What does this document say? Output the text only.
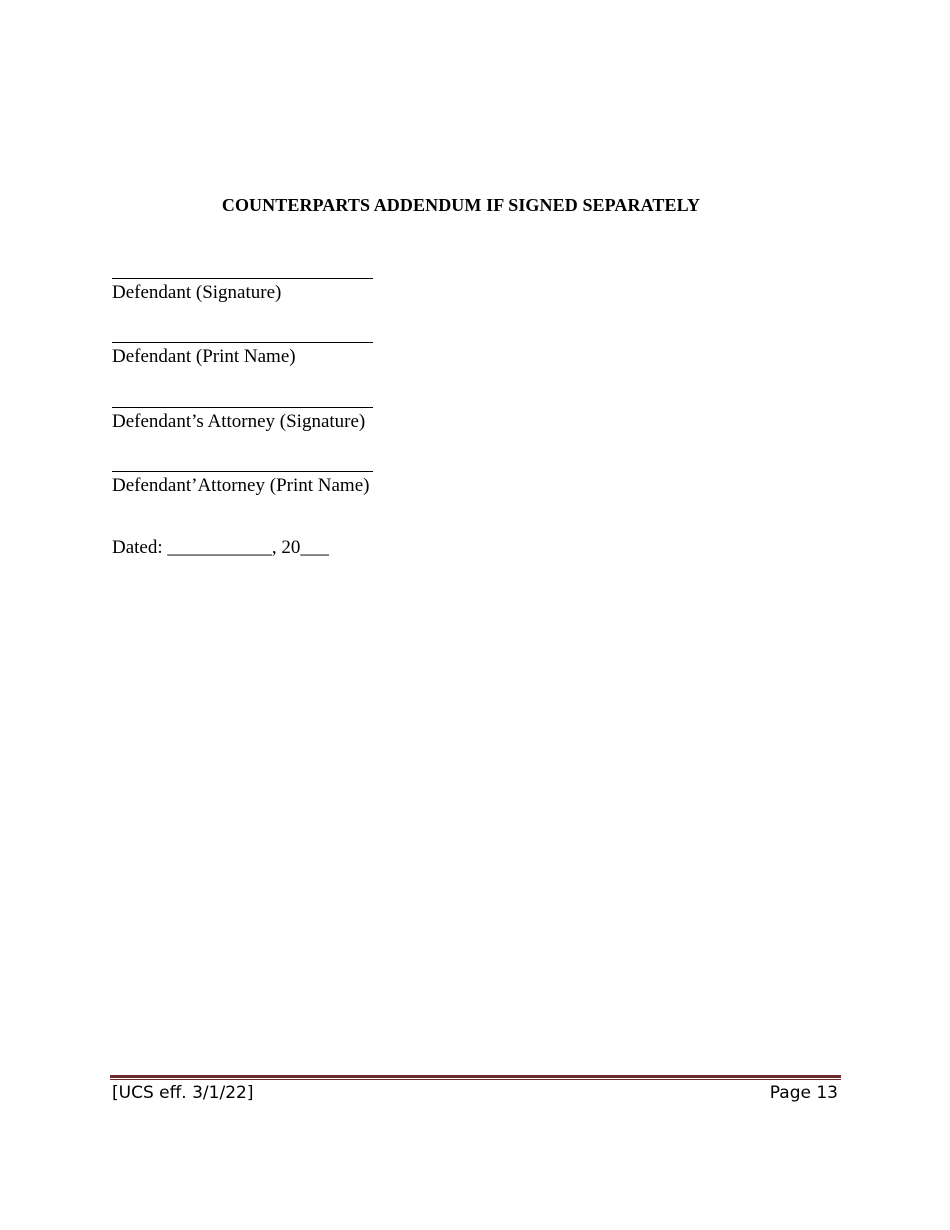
COUNTERPARTS ADDENDUM IF SIGNED SEPARATELY
Defendant (Signature)
Defendant (Print Name)
Defendant’s Attorney (Signature)
Defendant’Attorney (Print Name)
Dated: ___________, 20___
[UCS eff. 3/1/22]	Page 13
